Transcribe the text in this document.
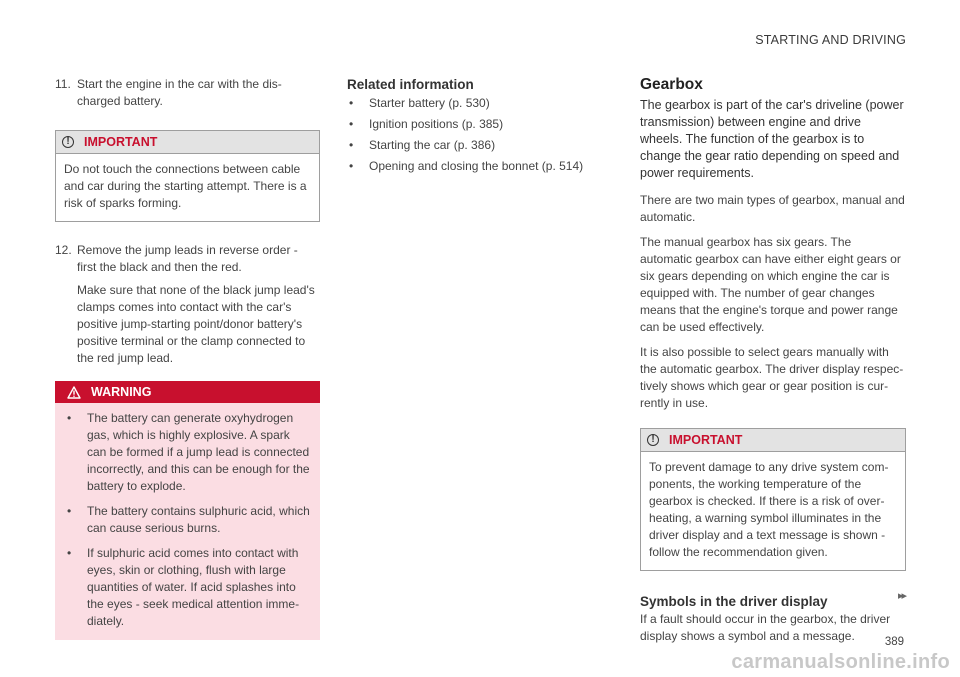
STARTING AND DRIVING
11. Start the engine in the car with the dis-charged battery.
!	IMPORTANT
Do not touch the connections between cable and car during the starting attempt. There is a risk of sparks forming.
12. Remove the jump leads in reverse order - first the black and then the red.
Make sure that none of the black jump lead's clamps comes into contact with the car's positive jump-starting point/donor battery's positive terminal or the clamp connected to the red jump lead.
WARNING
•	The battery can generate oxyhydrogen gas, which is highly explosive. A spark can be formed if a jump lead is connected incorrectly, and this can be enough for the battery to explode.
•	The battery contains sulphuric acid, which can cause serious burns.
•	If sulphuric acid comes into contact with eyes, skin or clothing, flush with large quantities of water. If acid splashes into the eyes - seek medical attention imme-diately.
Related information
•	Starter battery (p. 530)
•	Ignition positions (p. 385)
•	Starting the car (p. 386)
•	Opening and closing the bonnet (p. 514)
Gearbox
The gearbox is part of the car's driveline (power transmission) between engine and drive wheels. The function of the gearbox is to change the gear ratio depending on speed and power requirements.
There are two main types of gearbox, manual and automatic.
The manual gearbox has six gears. The automatic gearbox can have either eight gears or six gears depending on which engine the car is equipped with. The number of gear changes means that the engine's torque and power range can be used effectively.
It is also possible to select gears manually with the automatic gearbox. The driver display respec-tively shows which gear or gear position is cur-rently in use.
!	IMPORTANT
To prevent damage to any drive system com-ponents, the working temperature of the gearbox is checked. If there is a risk of over-heating, a warning symbol illuminates in the driver display and a text message is shown - follow the recommendation given.
Symbols in the driver display
If a fault should occur in the gearbox, the driver display shows a symbol and a message.
▸▸
389
carmanualsonline.info
